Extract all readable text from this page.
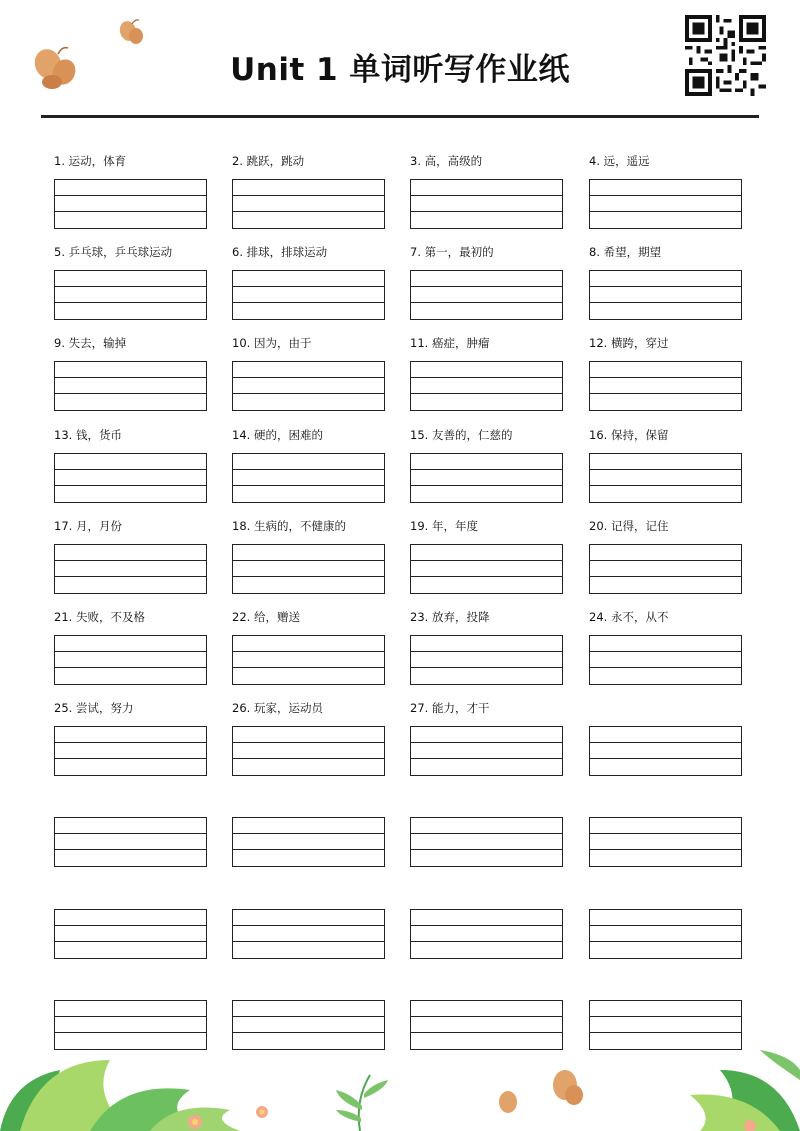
Unit 1 单词听写作业纸
1. 运动，体育	2. 跳跃，跳动	3. 高，高级的	4. 远，遥远
5. 乒乓球，乒乓球运动	6. 排球，排球运动	7. 第一，最初的	8. 希望，期望
9. 失去，输掉	10. 因为，由于	11. 癌症，肿瘤	12. 横跨，穿过
13. 钱，货币	14. 硬的，困难的	15. 友善的，仁慈的	16. 保持，保留
17. 月，月份	18. 生病的，不健康的	19. 年，年度	20. 记得，记住
21. 失败，不及格	22. 给，赠送	23. 放弃，投降	24. 永不，从不
25. 尝试，努力	26. 玩家，运动员	27. 能力，才干
